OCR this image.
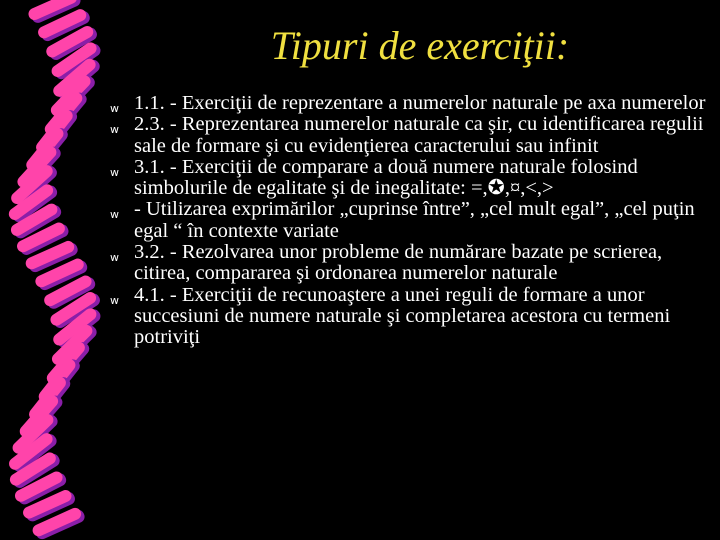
Tipuri de exerciţii:
w 1.1. - Exerciţii de reprezentare a numerelor naturale pe axa numerelor
w 2.3. - Reprezentarea numerelor naturale ca şir, cu identificarea regulii sale de formare şi cu evidenţierea caracterului sau infinit
w 3.1. - Exerciţii de comparare a două numere naturale folosind simbolurile de egalitate şi de inegalitate: =,✪,¤,<,>
w - Utilizarea exprimărilor „cuprinse între”, „cel mult egal”, „cel puţin egal “ în contexte variate
w 3.2. - Rezolvarea unor probleme de numărare bazate pe scrierea, citirea, compararea şi ordonarea numerelor naturale
w 4.1. - Exerciţii de recunoaştere a unei reguli de formare a unor succesiuni de numere naturale şi completarea acestora cu termeni potriviţi
